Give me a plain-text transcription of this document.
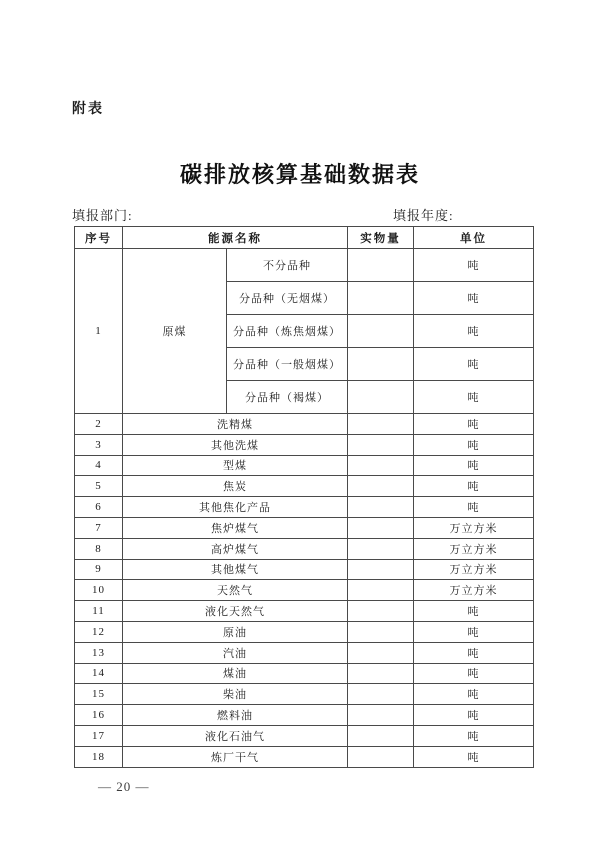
附表
碳排放核算基础数据表
填报部门:	填报年度:
序号	能源名称		实物量	单位
1	原煤	不分品种		吨
		分品种（无烟煤）		吨
		分品种（炼焦烟煤）		吨
		分品种（一般烟煤）		吨
		分品种（褐煤）		吨
2	洗精煤			吨
3	其他洗煤			吨
4	型煤			吨
5	焦炭			吨
6	其他焦化产品			吨
7	焦炉煤气			万立方米
8	高炉煤气			万立方米
9	其他煤气			万立方米
10	天然气			万立方米
11	液化天然气			吨
12	原油			吨
13	汽油			吨
14	煤油			吨
15	柴油			吨
16	燃料油			吨
17	液化石油气			吨
18	炼厂干气			吨
— 20 —
